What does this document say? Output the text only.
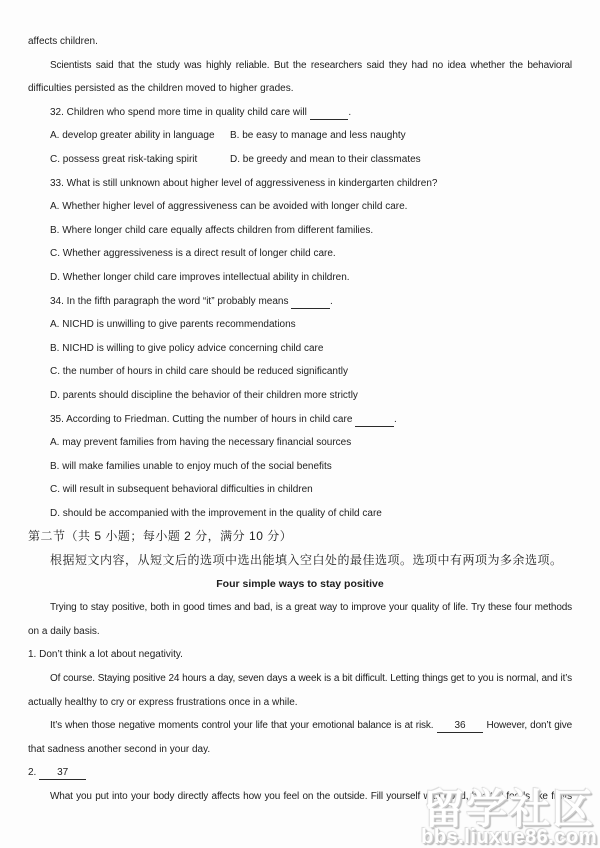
affects children.
Scientists said that the study was highly reliable. But the researchers said they had no idea whether the behavioral
difficulties persisted as the children moved to higher grades.
32. Children who spend more time in quality child care will	.
A. develop greater ability in language	B. be easy to manage and less naughty
C. possess great risk-taking spirit	D. be greedy and mean to their classmates
33. What is still unknown about higher level of aggressiveness in kindergarten children?
A. Whether higher level of aggressiveness can be avoided with longer child care.
B. Where longer child care equally affects children from different families.
C. Whether aggressiveness is a direct result of longer child care.
D. Whether longer child care improves intellectual ability in children.
34. In the fifth paragraph the word “it” probably means	.
A. NICHD is unwilling to give parents recommendations
B. NICHD is willing to give policy advice concerning child care
C. the number of hours in child care should be reduced significantly
D. parents should discipline the behavior of their children more strictly
35. According to Friedman. Cutting the number of hours in child care	.
A. may prevent families from having the necessary financial sources
B. will make families unable to enjoy much of the social benefits
C. will result in subsequent behavioral difficulties in children
D. should be accompanied with the improvement in the quality of child care
第二节（共 5 小题；每小题 2 分，满分 10 分）
根据短文内容，从短文后的选项中选出能填入空白处的最佳选项。选项中有两项为多余选项。
Four simple ways to stay positive
Trying to stay positive, both in good times and bad, is a great way to improve your quality of life. Try these four methods
on a daily basis.
1. Don’t think a lot about negativity.
Of course. Staying positive 24 hours a day, seven days a week is a bit difficult. Letting things get to you is normal, and it’s
actually healthy to cry or express frustrations once in a while.
It’s when those negative moments control your life that your emotional balance is at risk. 36 However, don’t give
that sadness another second in your day.
2. 37
What you put into your body directly affects how you feel on the outside. Fill yourself with good, healthy foods like fruits
留学社区
bbs.liuxue86.com
